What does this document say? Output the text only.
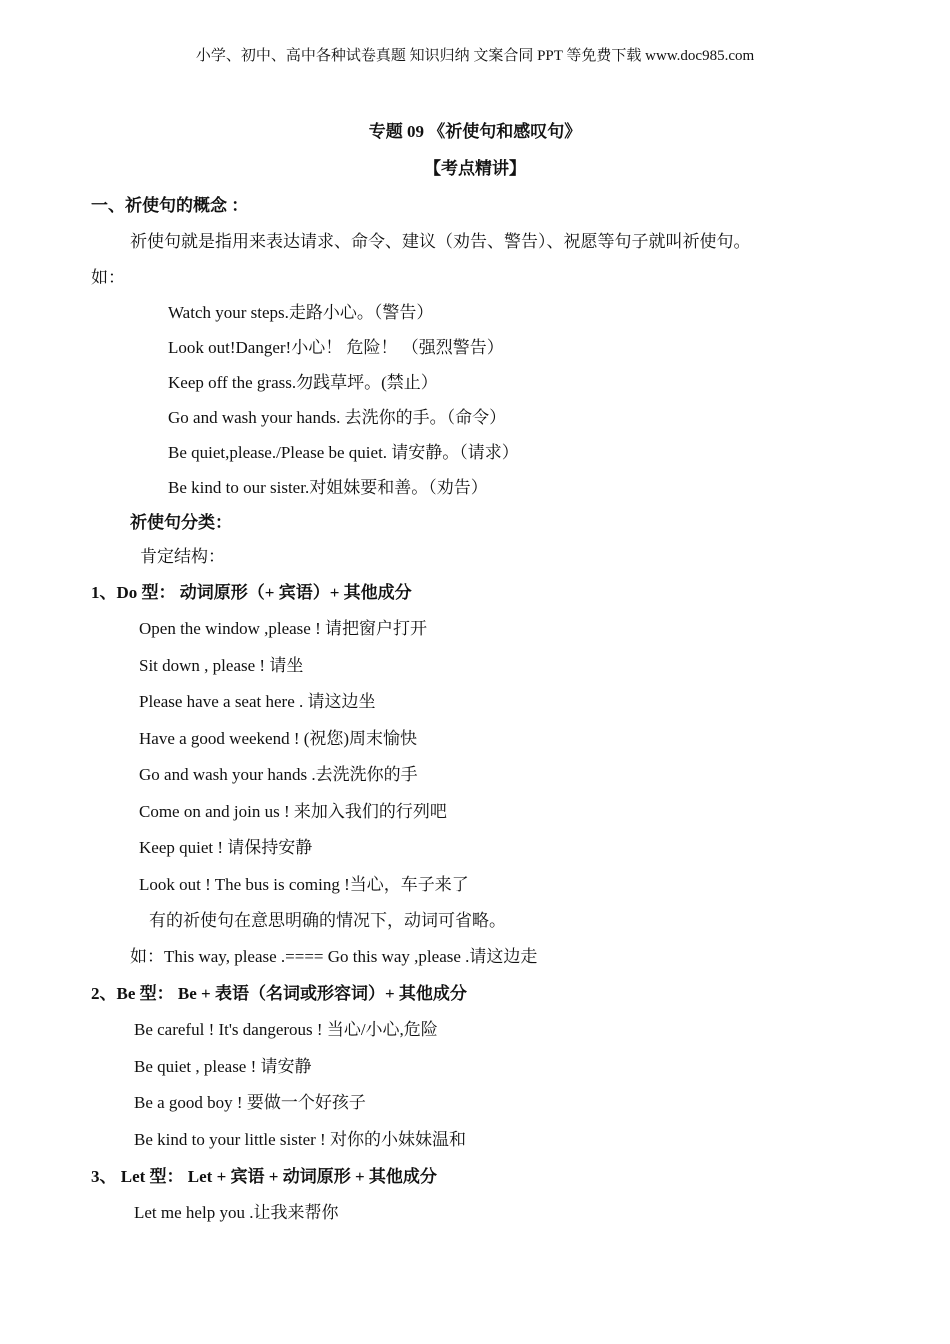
小学、初中、高中各种试卷真题 知识归纳 文案合同 PPT 等免费下载 www.doc985.com
专题 09 《祈使句和感叹句》
【考点精讲】
一、祈使句的概念 ：
祈使句就是指用来表达请求、命令、建议（劝告、警告）、祝愿等句子就叫祈使句。
如：
Watch your steps.走路小心。（警告）
Look out!Danger!小心！ 危险！ （强烈警告）
Keep off the grass.勿践草坪。(禁止）
Go and wash your hands. 去洗你的手。（命令）
Be quiet,please./Please be quiet. 请安静。（请求）
Be kind to our sister.对姐妹要和善。（劝告）
祈使句分类：
肯定结构：
1、Do 型： 动词原形（+ 宾语）+ 其他成分
Open the window ,please ! 请把窗户打开
Sit down , please ! 请坐
Please have a seat here . 请这边坐
Have a good weekend ! (祝您)周末愉快
Go and wash your hands .去洗洗你的手
Come on and join us ! 来加入我们的行列吧
Keep quiet ! 请保持安静
Look out ! The bus is coming !当心，车子来了
有的祈使句在意思明确的情况下，动词可省略。
如：This way, please .==== Go this way ,please .请这边走
2、Be 型： Be + 表语（名词或形容词）+ 其他成分
Be careful ! It's dangerous ! 当心/小心,危险
Be quiet , please ! 请安静
Be a good boy ! 要做一个好孩子
Be kind to your little sister ! 对你的小妹妹温和
3、 Let 型： Let + 宾语 + 动词原形 + 其他成分
Let me help you .让我来帮你
